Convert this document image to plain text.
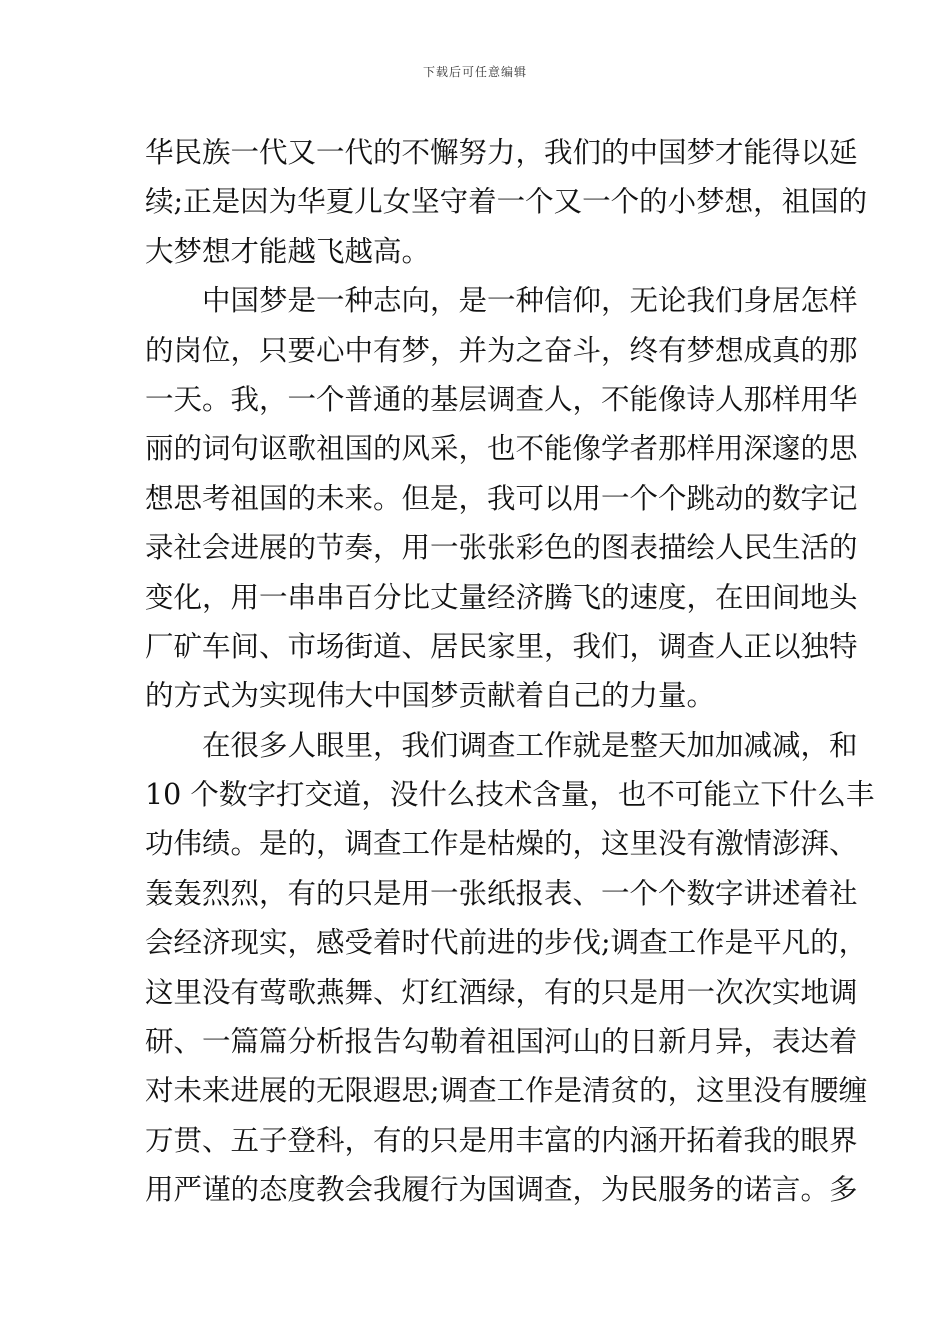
下载后可任意编辑
华民族一代又一代的不懈努力，我们的中国梦才能得以延
续;正是因为华夏儿女坚守着一个又一个的小梦想，祖国的
大梦想才能越飞越高。
中国梦是一种志向，是一种信仰，无论我们身居怎样
的岗位，只要心中有梦，并为之奋斗，终有梦想成真的那
一天。我，一个普通的基层调查人，不能像诗人那样用华
丽的词句讴歌祖国的风采，也不能像学者那样用深邃的思
想思考祖国的未来。但是，我可以用一个个跳动的数字记
录社会进展的节奏，用一张张彩色的图表描绘人民生活的
变化，用一串串百分比丈量经济腾飞的速度，在田间地头
厂矿车间、市场街道、居民家里，我们，调查人正以独特
的方式为实现伟大中国梦贡献着自己的力量。
在很多人眼里，我们调查工作就是整天加加减减，和
10 个数字打交道，没什么技术含量，也不可能立下什么丰
功伟绩。是的，调查工作是枯燥的，这里没有激情澎湃、
轰轰烈烈，有的只是用一张纸报表、一个个数字讲述着社
会经济现实，感受着时代前进的步伐;调查工作是平凡的，
这里没有莺歌燕舞、灯红酒绿，有的只是用一次次实地调
研、一篇篇分析报告勾勒着祖国河山的日新月异，表达着
对未来进展的无限遐思;调查工作是清贫的，这里没有腰缠
万贯、五子登科，有的只是用丰富的内涵开拓着我的眼界
用严谨的态度教会我履行为国调查，为民服务的诺言。多
